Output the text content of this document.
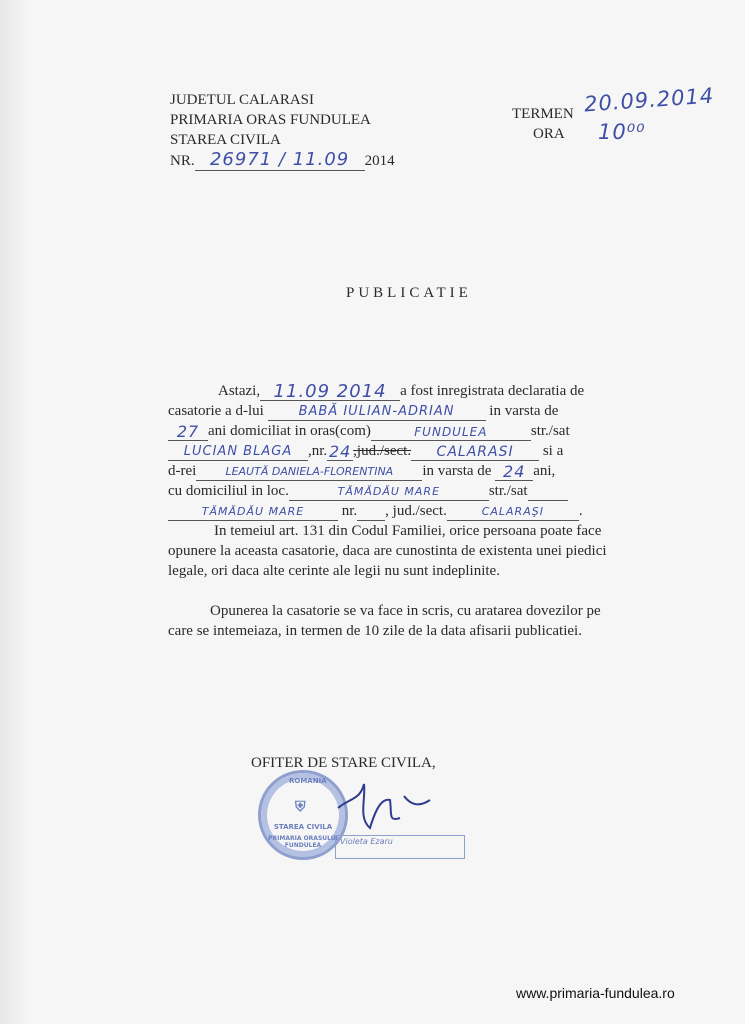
JUDETUL CALARASI
PRIMARIA ORAS FUNDULEA
STAREA CIVILA
NR. 26971 / 11.09 2014
TERMEN 20.09.2014
ORA 10⁰⁰
PUBLICATIE
Astazi, 11.09 2014 a fost inregistrata declaratia de
casatorie a d-lui	BABĂ IULIAN-ADRIAN in varsta de
27 ani domiciliat in oras(com)	FUNDULEA	str./sat
LUCIAN BLAGA ,nr. 24 ,jud./sect. CALARASI si a
d-rei	LEAUTĂ DANIELA-FLORENTINA in varsta de 24 ani,
cu domiciliul in loc.	TĂMĂDĂU MARE	str./sat
TĂMĂDĂU MARE	nr. , jud./sect.	CALARAŞI .
In temeiul art. 131 din Codul Familiei, orice persoana poate face opunere la aceasta casatorie, daca are cunostinta de existenta unei piedici legale, ori daca alte cerinte ale legii nu sunt indeplinite.
Opunerea la casatorie se va face in scris, cu aratarea dovezilor pe care se intemeiaza, in termen de 10 zile de la data afisarii publicatiei.
OFITER DE STARE CIVILA,
ROMANIA
⛨
STAREA CIVILA
PRIMARIA ORASULUI FUNDULEA	Violeta Ezaru
www.primaria-fundulea.ro
